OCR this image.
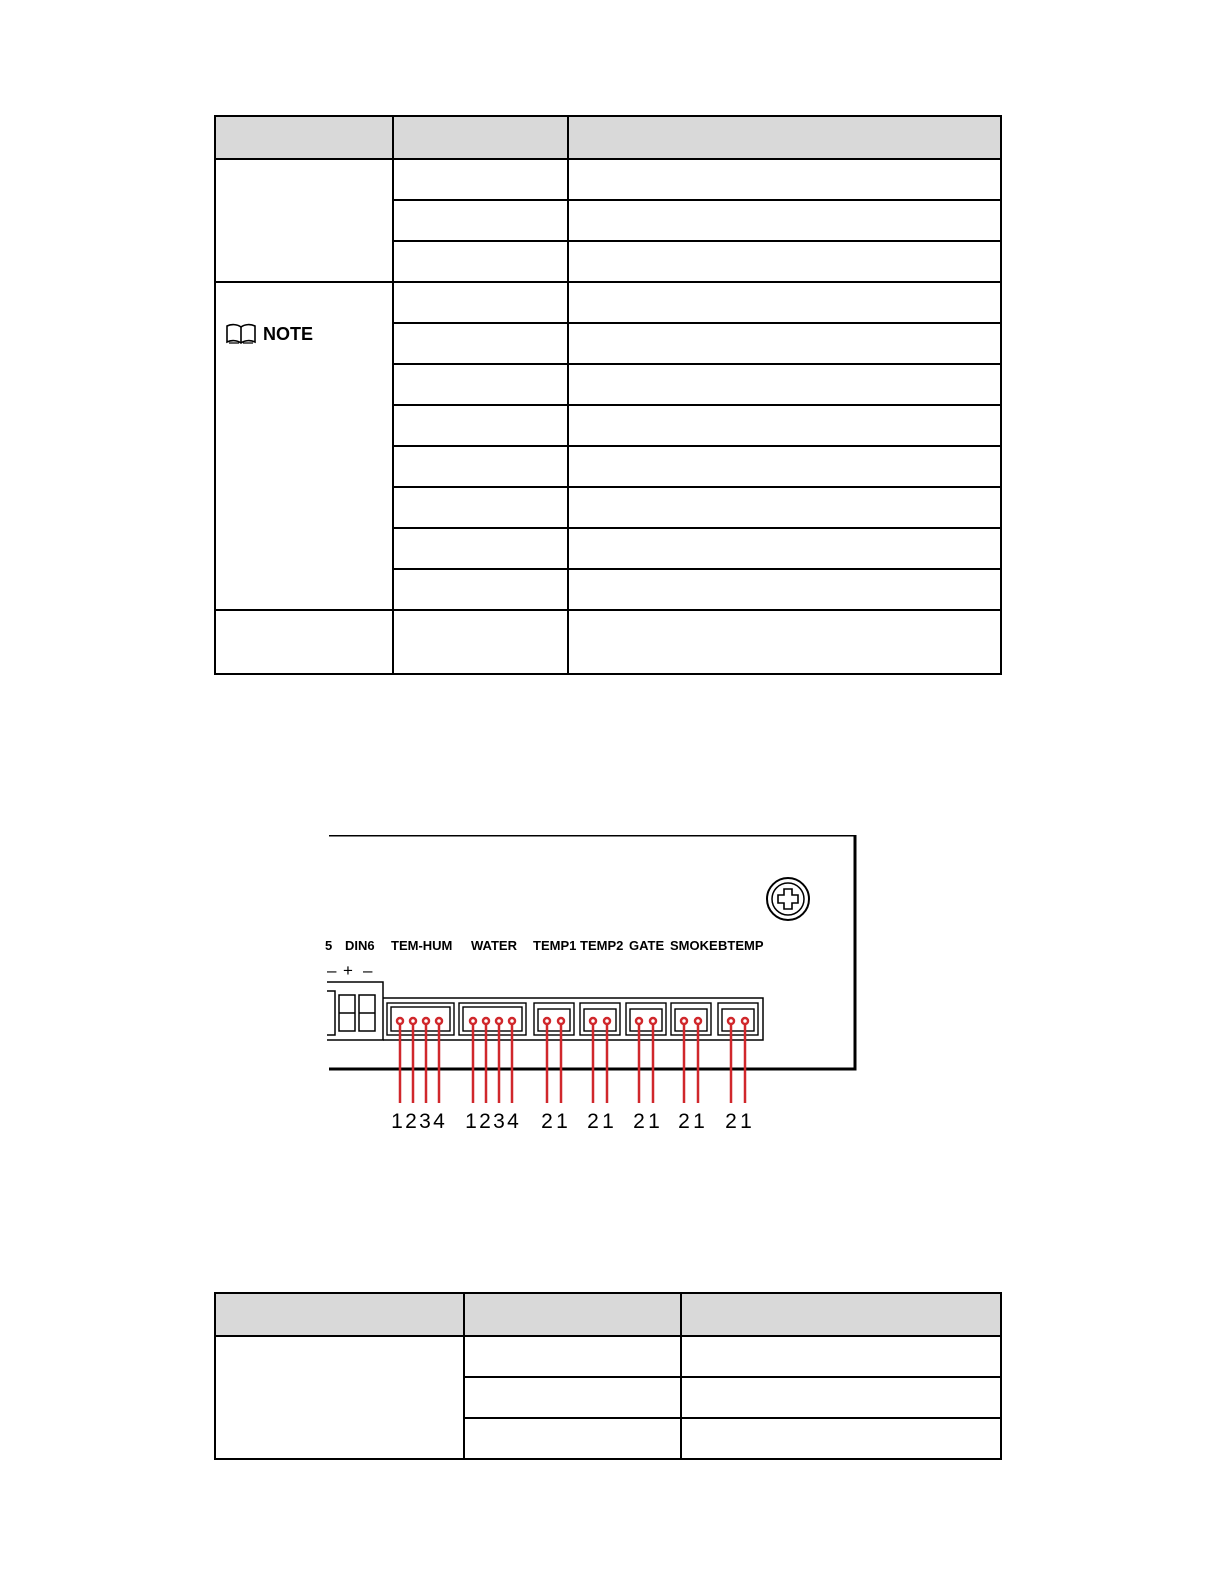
NOTE		

5 DIN6 TEM-HUM WATER TEMP1 TEMP2 GATE SMOKE BTEMP
– + –
1 2 3 4 1 2 3 4 2 1 2 1 2 1 2 1 2 1
